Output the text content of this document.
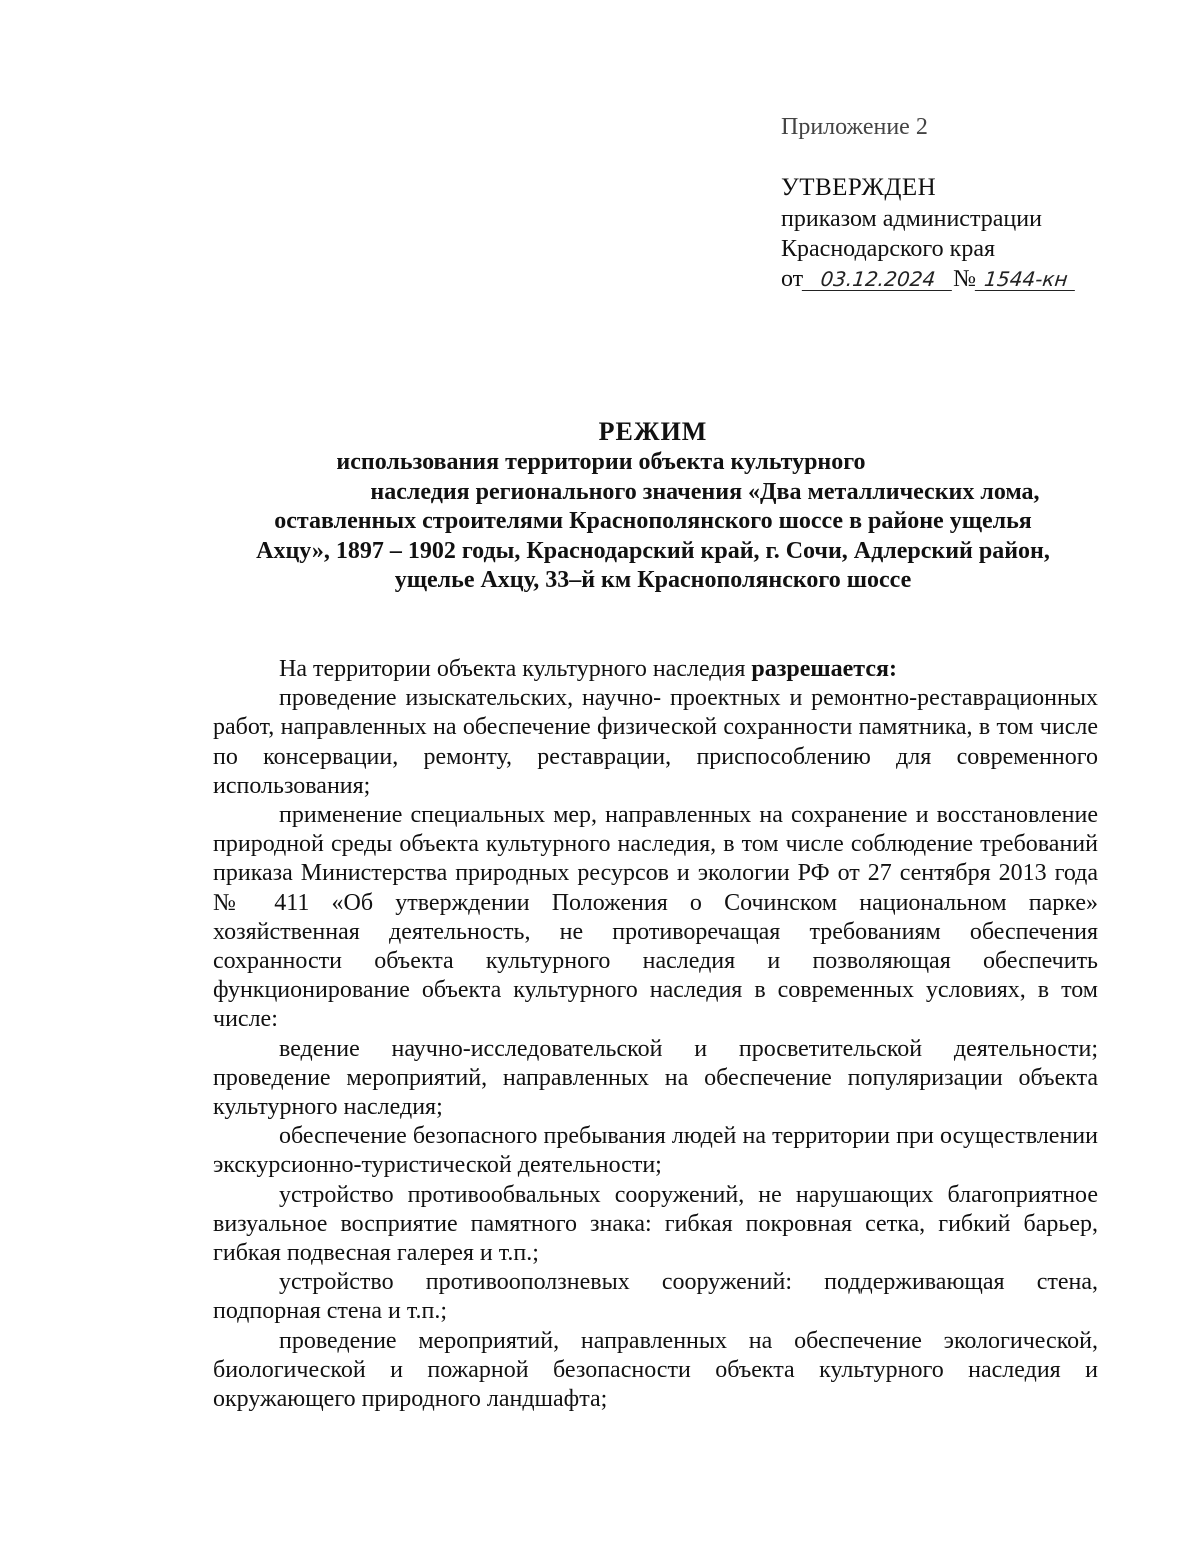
Приложение 2
УТВЕРЖДЕН
приказом администрации
Краснодарского края
от 03.12.2024 № 1544-кн
РЕЖИМ
использования территории объекта культурного
наследия регионального значения «Два металлических лома,
оставленных строителями Краснополянского шоссе в районе ущелья
Ахцу», 1897 – 1902 годы, Краснодарский край, г. Сочи, Адлерский район,
ущелье Ахцу, 33–й км Краснополянского шоссе

На территории объекта культурного наследия разрешается:

проведение изыскательских, научно- проектных и ремонтно-реставрационных работ, направленных на обеспечение физической сохранности памятника, в том числе по консервации, ремонту, реставрации, приспособлению для современного использования;

применение специальных мер, направленных на сохранение и восстановление природной среды объекта культурного наследия, в том числе соблюдение требований приказа Министерства природных ресурсов и экологии РФ от 27 сентября 2013 года № 411 «Об утверждении Положения о Сочинском национальном парке» хозяйственная деятельность, не противоречащая требованиям обеспечения сохранности объекта культурного наследия и позволяющая обеспечить функционирование объекта культурного наследия в современных условиях, в том числе:

ведение научно-исследовательской и просветительской деятельности; проведение мероприятий, направленных на обеспечение популяризации объекта культурного наследия;

обеспечение безопасного пребывания людей на территории при осуществлении экскурсионно-туристической деятельности;

устройство противообвальных сооружений, не нарушающих благоприятное визуальное восприятие памятного знака: гибкая покровная сетка, гибкий барьер, гибкая подвесная галерея и т.п.;

устройство противооползневых сооружений: поддерживающая стена, подпорная стена и т.п.;

проведение мероприятий, направленных на обеспечение экологической, биологической и пожарной безопасности объекта культурного наследия и окружающего природного ландшафта;
